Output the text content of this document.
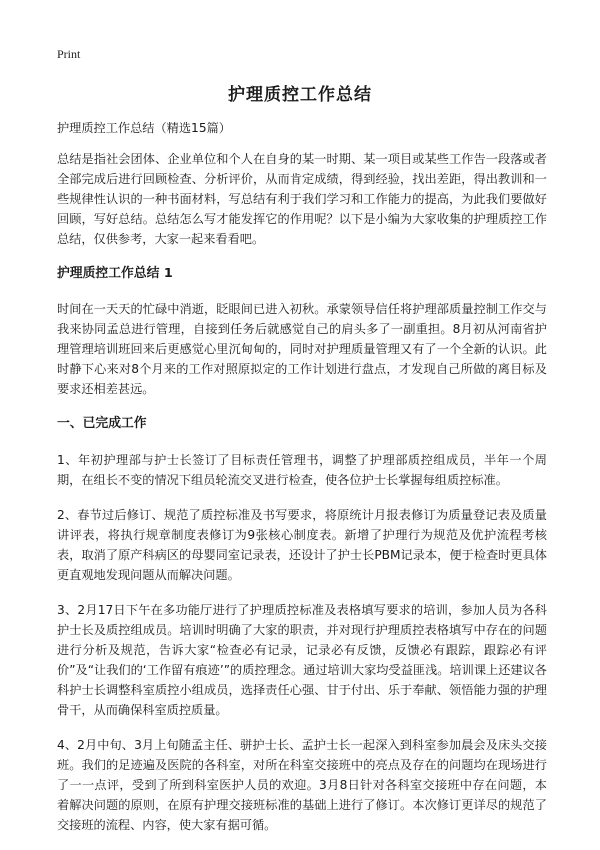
Print
护理质控工作总结

护理质控工作总结（精选15篇）

总结是指社会团体、企业单位和个人在自身的某一时期、某一项目或某些工作告一段落或者全部完成后进行回顾检查、分析评价，从而肯定成绩，得到经验，找出差距，得出教训和一些规律性认识的一种书面材料，写总结有利于我们学习和工作能力的提高，为此我们要做好回顾，写好总结。总结怎么写才能发挥它的作用呢？以下是小编为大家收集的护理质控工作总结，仅供参考，大家一起来看看吧。

护理质控工作总结 1

时间在一天天的忙碌中消逝，眨眼间已进入初秋。承蒙领导信任将护理部质量控制工作交与我来协同孟总进行管理，自接到任务后就感觉自己的肩头多了一副重担。8月初从河南省护理管理培训班回来后更感觉心里沉甸甸的，同时对护理质量管理又有了一个全新的认识。此时静下心来对8个月来的工作对照原拟定的工作计划进行盘点，才发现自己所做的离目标及要求还相差甚远。

一、已完成工作

1、年初护理部与护士长签订了目标责任管理书，调整了护理部质控组成员，半年一个周期，在组长不变的情况下组员轮流交叉进行检查，使各位护士长掌握每组质控标准。

2、春节过后修订、规范了质控标准及书写要求，将原统计月报表修订为质量登记表及质量讲评表，将执行规章制度表修订为9张核心制度表。新增了护理行为规范及优护流程考核表，取消了原产科病区的母婴同室记录表，还设计了护士长PBM记录本，便于检查时更具体更直观地发现问题从而解决问题。

3、2月17日下午在多功能厅进行了护理质控标准及表格填写要求的培训，参加人员为各科护士长及质控组成员。培训时明确了大家的职责，并对现行护理质控表格填写中存在的问题进行分析及规范，告诉大家“检查必有记录，记录必有反馈，反馈必有跟踪，跟踪必有评价”及“让我们的‘工作留有痕迹’”的质控理念。通过培训大家均受益匪浅。培训课上还建议各科护士长调整科室质控小组成员，选择责任心强、甘于付出、乐于奉献、领悟能力强的护理骨干，从而确保科室质控质量。

4、2月中旬、3月上旬随孟主任、骈护士长、孟护士长一起深入到科室参加晨会及床头交接班。我们的足迹遍及医院的各科室，对所在科室交接班中的亮点及存在的问题均在现场进行了一一点评，受到了所到科室医护人员的欢迎。3月8日针对各科室交接班中存在问题，本着解决问题的原则，在原有护理交接班标准的基础上进行了修订。本次修订更详尽的规范了交接班的流程、内容，使大家有据可循。
